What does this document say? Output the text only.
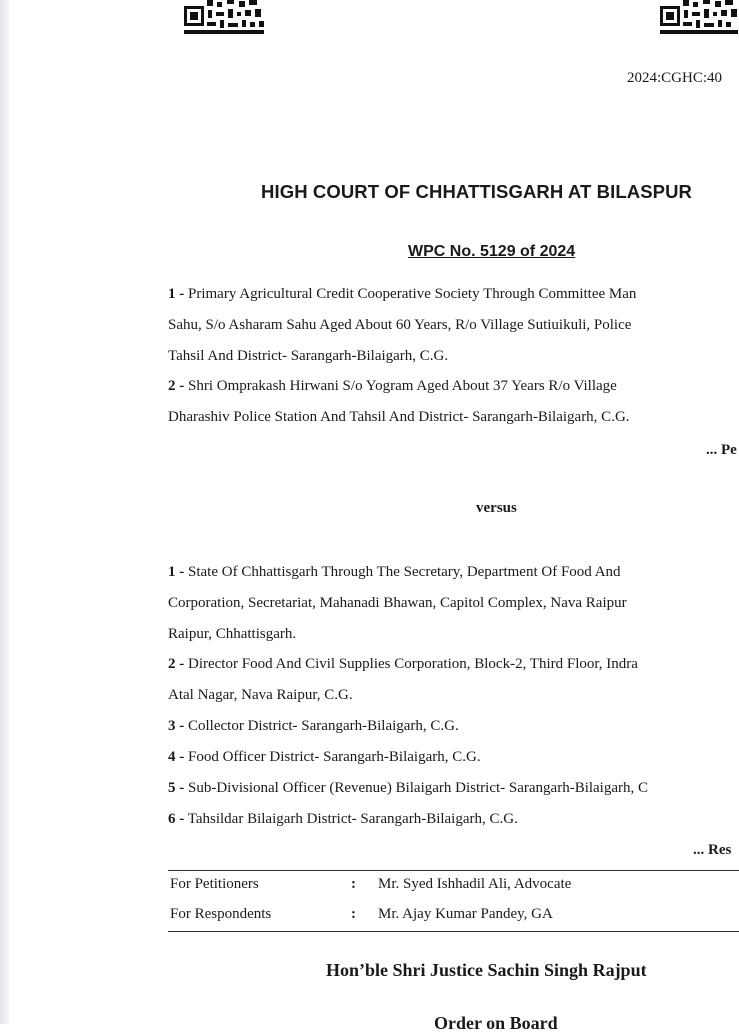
2024:CGHC:40
HIGH COURT OF CHHATTISGARH AT BILASPUR
WPC No. 5129 of 2024
1 - Primary Agricultural Credit Cooperative Society Through Committee Man
Sahu, S/o Asharam Sahu Aged About 60 Years, R/o Village Sutiuikuli, Police
Tahsil And District- Sarangarh-Bilaigarh, C.G.
2 - Shri Omprakash Hirwani S/o Yogram Aged About 37 Years R/o Village
Dharashiv Police Station And Tahsil And District- Sarangarh-Bilaigarh, C.G.
... Pe
versus
1 - State Of Chhattisgarh Through The Secretary, Department Of Food And
Corporation, Secretariat, Mahanadi Bhawan, Capitol Complex, Nava Raipur
Raipur, Chhattisgarh.
2 - Director Food And Civil Supplies Corporation, Block-2, Third Floor, Indra
Atal Nagar, Nava Raipur, C.G.
3 - Collector District- Sarangarh-Bilaigarh, C.G.
4 - Food Officer District- Sarangarh-Bilaigarh, C.G.
5 - Sub-Divisional Officer (Revenue) Bilaigarh District- Sarangarh-Bilaigarh, C
6 - Tahsildar Bilaigarh District- Sarangarh-Bilaigarh, C.G.
... Res
For Petitioners	: Mr. Syed Ishhadil Ali, Advocate
For Respondents	: Mr. Ajay Kumar Pandey, GA
Hon’ble Shri Justice Sachin Singh Rajput
Order on Board
